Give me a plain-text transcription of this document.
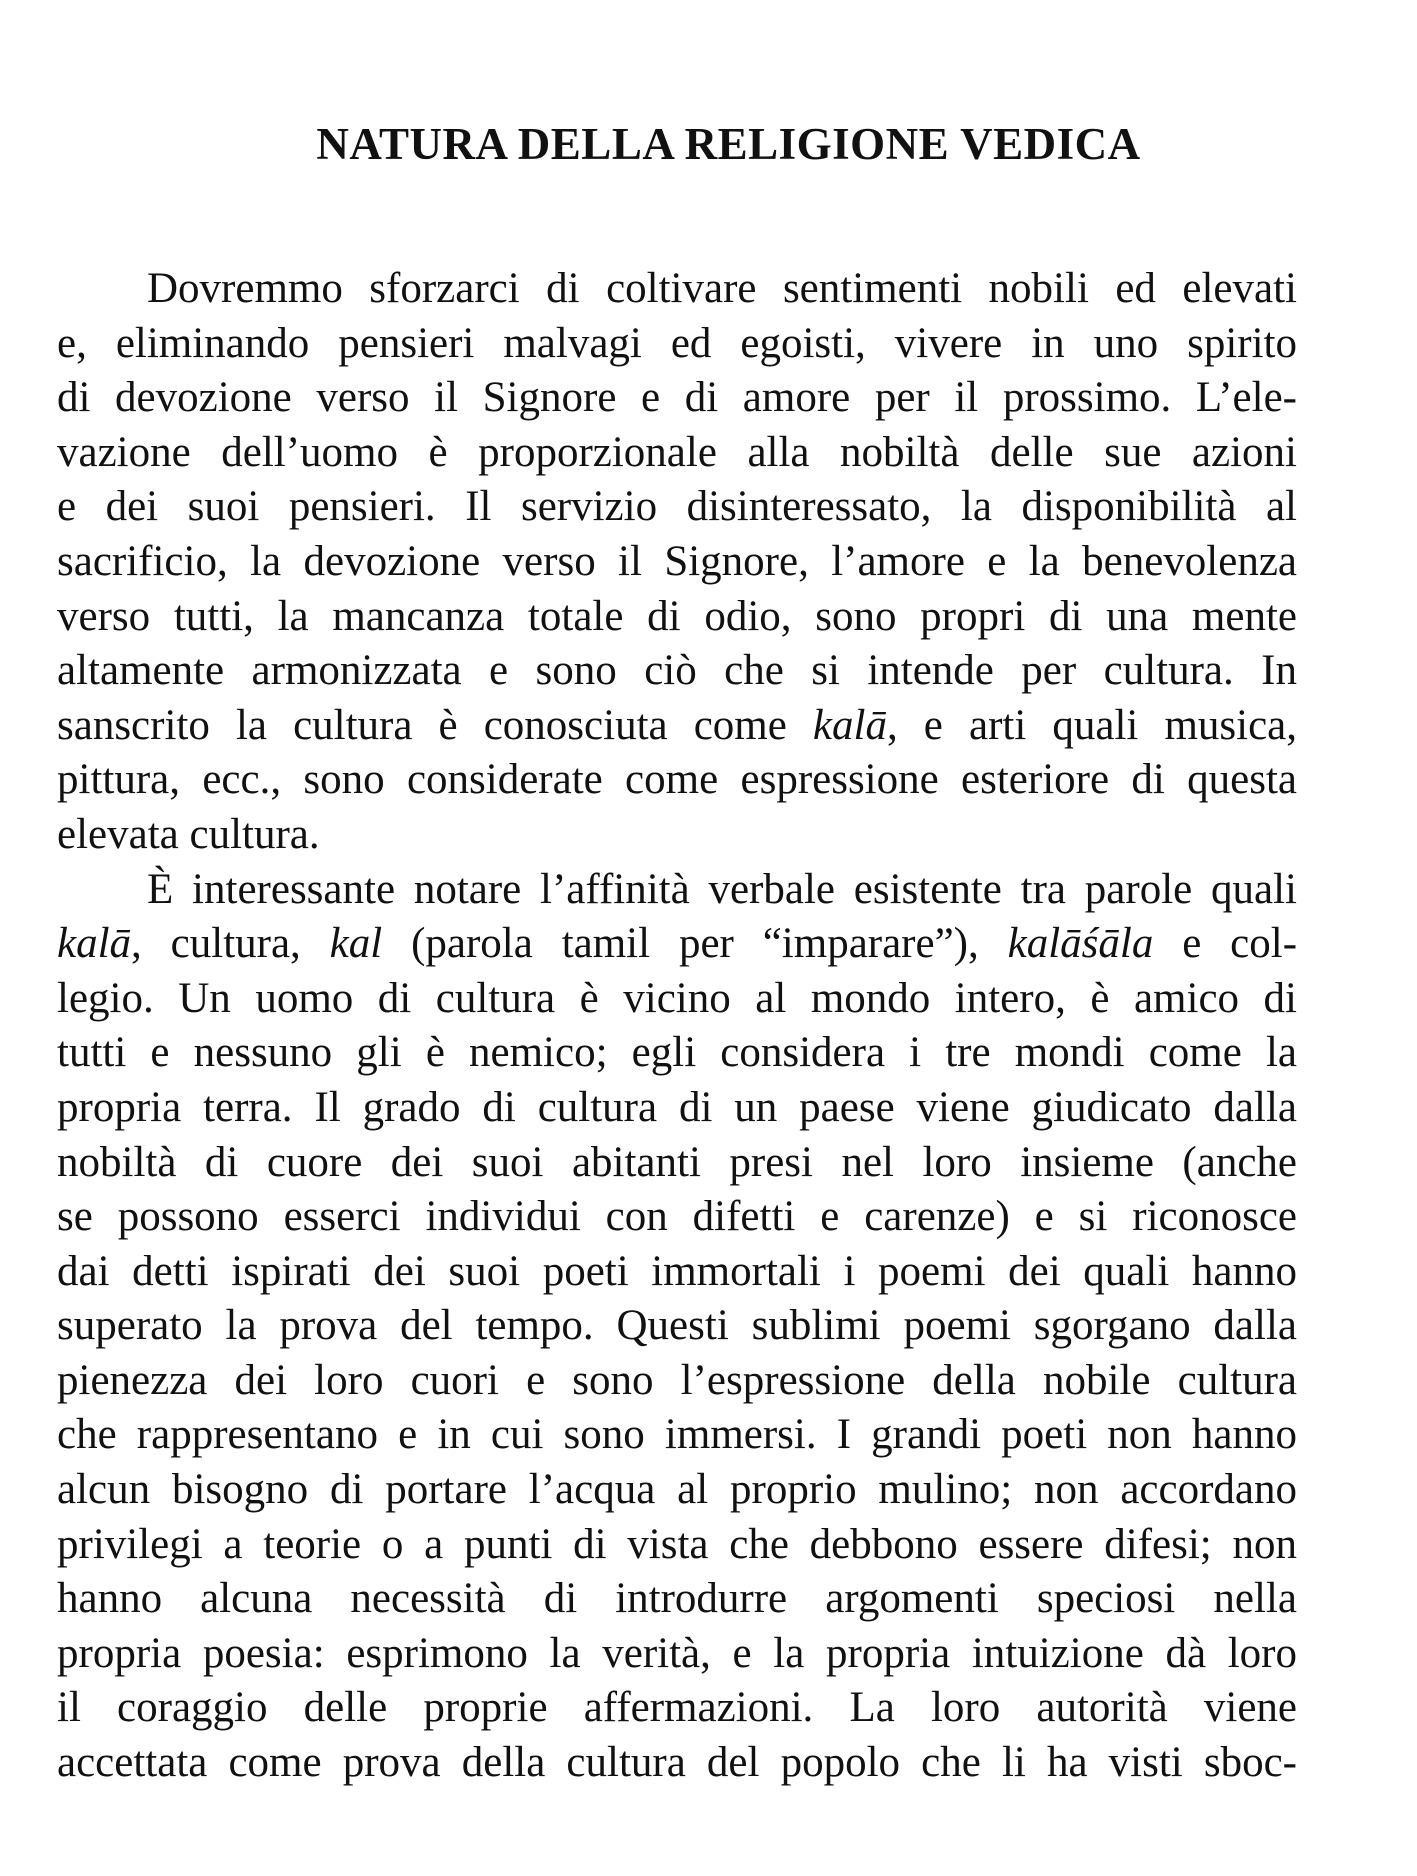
NATURA DELLA RELIGIONE VEDICA
Dovremmo sforzarci di coltivare sentimenti nobili ed elevati
e, eliminando pensieri malvagi ed egoisti, vivere in uno spirito
di devozione verso il Signore e di amore per il prossimo. L’ele-
vazione dell’uomo è proporzionale alla nobiltà delle sue azioni
e dei suoi pensieri. Il servizio disinteressato, la disponibilità al
sacrificio, la devozione verso il Signore, l’amore e la benevolenza
verso tutti, la mancanza totale di odio, sono propri di una mente
altamente armonizzata e sono ciò che si intende per cultura. In
sanscrito la cultura è conosciuta come kalā, e arti quali musica,
pittura, ecc., sono considerate come espressione esteriore di questa
elevata cultura.
È interessante notare l’affinità verbale esistente tra parole quali
kalā, cultura, kal (parola tamil per “imparare”), kalāśāla e col-
legio. Un uomo di cultura è vicino al mondo intero, è amico di
tutti e nessuno gli è nemico; egli considera i tre mondi come la
propria terra. Il grado di cultura di un paese viene giudicato dalla
nobiltà di cuore dei suoi abitanti presi nel loro insieme (anche
se possono esserci individui con difetti e carenze) e si riconosce
dai detti ispirati dei suoi poeti immortali i poemi dei quali hanno
superato la prova del tempo. Questi sublimi poemi sgorgano dalla
pienezza dei loro cuori e sono l’espressione della nobile cultura
che rappresentano e in cui sono immersi. I grandi poeti non hanno
alcun bisogno di portare l’acqua al proprio mulino; non accordano
privilegi a teorie o a punti di vista che debbono essere difesi; non
hanno alcuna necessità di introdurre argomenti speciosi nella
propria poesia: esprimono la verità, e la propria intuizione dà loro
il coraggio delle proprie affermazioni. La loro autorità viene
accettata come prova della cultura del popolo che li ha visti sboc-
